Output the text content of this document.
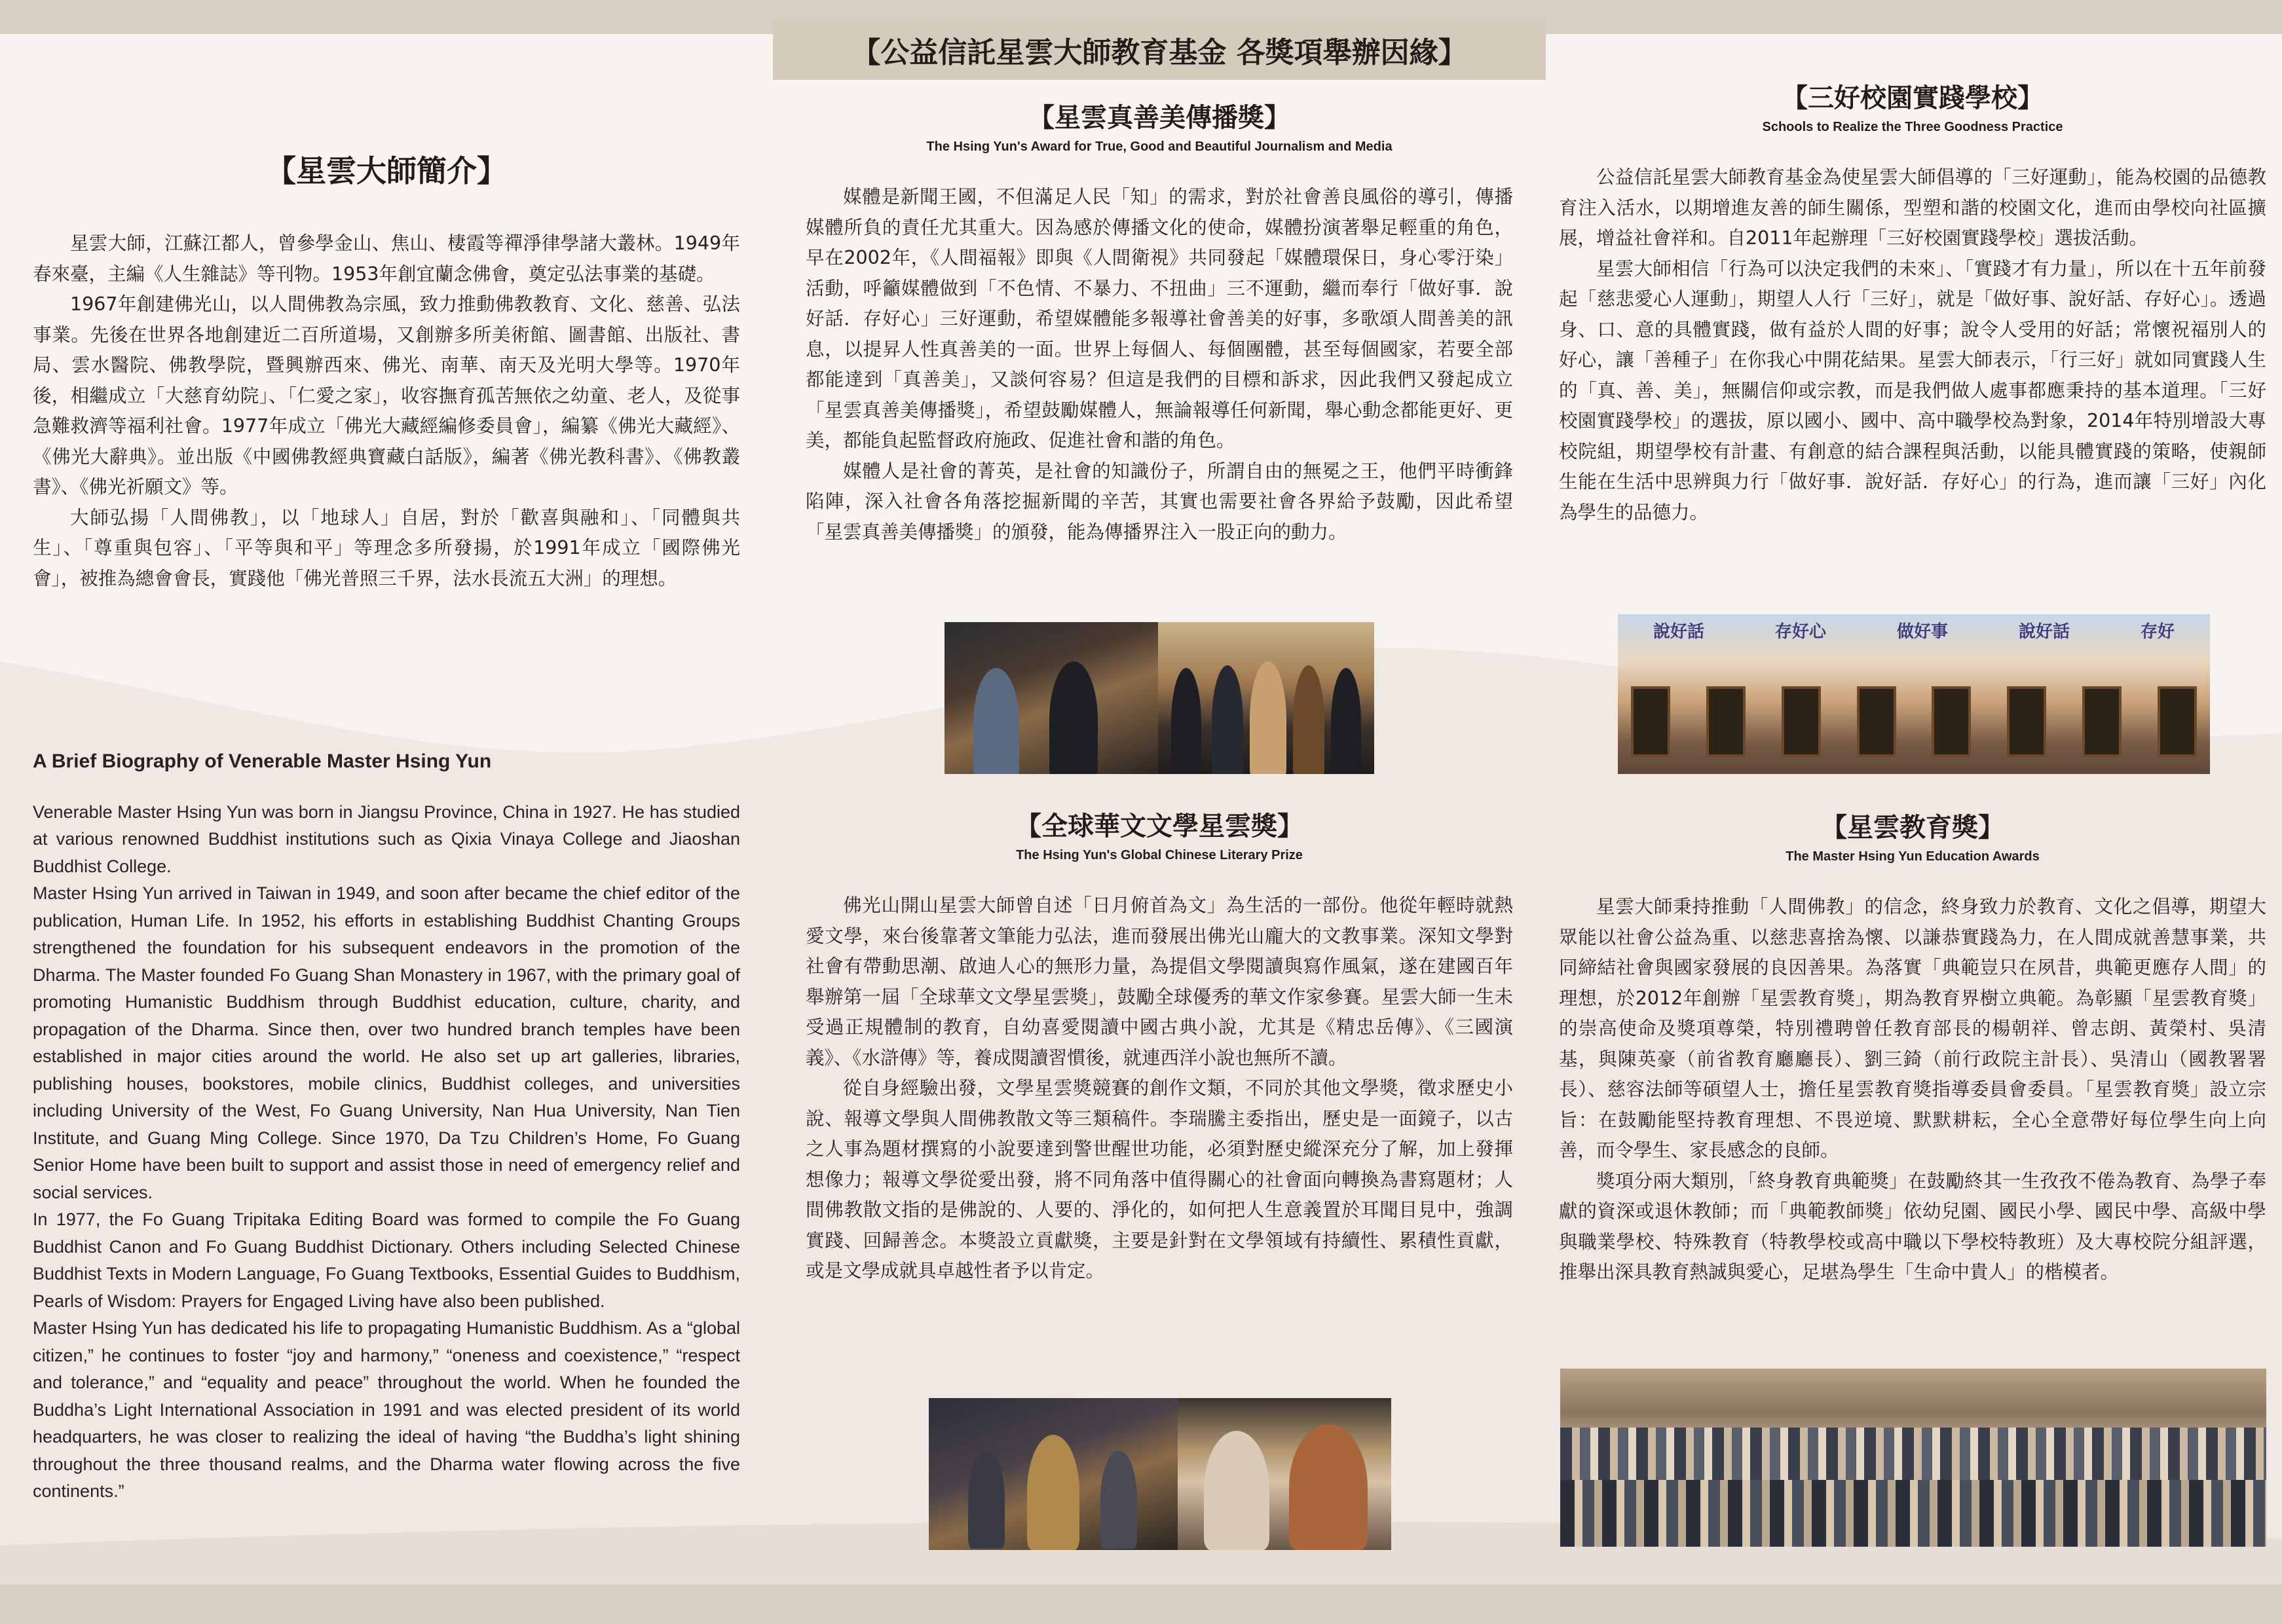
【公益信託星雲大師教育基金 各獎項舉辦因緣】
【星雲大師簡介】

星雲大師，江蘇江都人，曾參學金山、焦山、棲霞等禪淨律學諸大叢林。1949年春來臺，主編《人生雜誌》等刊物。1953年創宜蘭念佛會，奠定弘法事業的基礎。

1967年創建佛光山，以人間佛教為宗風，致力推動佛教教育、文化、慈善、弘法事業。先後在世界各地創建近二百所道場，又創辦多所美術館、圖書館、出版社、書局、雲水醫院、佛教學院，暨興辦西來、佛光、南華、南天及光明大學等。1970年後，相繼成立「大慈育幼院」、「仁愛之家」，收容撫育孤苦無依之幼童、老人，及從事急難救濟等福利社會。1977年成立「佛光大藏經編修委員會」，編纂《佛光大藏經》、《佛光大辭典》。並出版《中國佛教經典寶藏白話版》，編著《佛光教科書》、《佛教叢書》、《佛光祈願文》等。

大師弘揚「人間佛教」，以「地球人」自居，對於「歡喜與融和」、「同體與共生」、「尊重與包容」、「平等與和平」等理念多所發揚，於1991年成立「國際佛光會」，被推為總會會長，實踐他「佛光普照三千界，法水長流五大洲」的理想。

A Brief Biography of Venerable Master Hsing Yun

Venerable Master Hsing Yun was born in Jiangsu Province, China in 1927. He has studied at various renowned Buddhist institutions such as Qixia Vinaya College and Jiaoshan Buddhist College.

Master Hsing Yun arrived in Taiwan in 1949, and soon after became the chief editor of the publication, Human Life. In 1952, his efforts in establishing Buddhist Chanting Groups strengthened the foundation for his subsequent endeavors in the promotion of the Dharma. The Master founded Fo Guang Shan Monastery in 1967, with the primary goal of promoting Humanistic Buddhism through Buddhist education, culture, charity, and propagation of the Dharma. Since then, over two hundred branch temples have been established in major cities around the world. He also set up art galleries, libraries, publishing houses, bookstores, mobile clinics, Buddhist colleges, and universities including University of the West, Fo Guang University, Nan Hua University, Nan Tien Institute, and Guang Ming College. Since 1970, Da Tzu Children’s Home, Fo Guang Senior Home have been built to support and assist those in need of emergency relief and social services.

In 1977, the Fo Guang Tripitaka Editing Board was formed to compile the Fo Guang Buddhist Canon and Fo Guang Buddhist Dictionary. Others including Selected Chinese Buddhist Texts in Modern Language, Fo Guang Textbooks, Essential Guides to Buddhism, Pearls of Wisdom: Prayers for Engaged Living have also been published.

Master Hsing Yun has dedicated his life to propagating Humanistic Buddhism. As a “global citizen,” he continues to foster “joy and harmony,” “oneness and coexistence,” “respect and tolerance,” and “equality and peace” throughout the world. When he founded the Buddha’s Light International Association in 1991 and was elected president of its world headquarters, he was closer to realizing the ideal of having “the Buddha’s light shining throughout the three thousand realms, and the Dharma water flowing across the five continents.”

【星雲真善美傳播獎】
The Hsing Yun's Award for True, Good and Beautiful Journalism and Media

媒體是新聞王國，不但滿足人民「知」的需求，對於社會善良風俗的導引，傳播媒體所負的責任尤其重大。因為感於傳播文化的使命，媒體扮演著舉足輕重的角色，早在2002年，《人間福報》即與《人間衛視》共同發起「媒體環保日，身心零汙染」活動，呼籲媒體做到「不色情、不暴力、不扭曲」三不運動，繼而奉行「做好事．說好話．存好心」三好運動，希望媒體能多報導社會善美的好事，多歌頌人間善美的訊息，以提昇人性真善美的一面。世界上每個人、每個團體，甚至每個國家，若要全部都能達到「真善美」，又談何容易？但這是我們的目標和訴求，因此我們又發起成立「星雲真善美傳播獎」，希望鼓勵媒體人，無論報導任何新聞，舉心動念都能更好、更美，都能負起監督政府施政、促進社會和諧的角色。

媒體人是社會的菁英，是社會的知識份子，所謂自由的無冕之王，他們平時衝鋒陷陣，深入社會各角落挖掘新聞的辛苦，其實也需要社會各界給予鼓勵，因此希望「星雲真善美傳播獎」的頒發，能為傳播界注入一股正向的動力。

【全球華文文學星雲獎】
The Hsing Yun's Global Chinese Literary Prize

佛光山開山星雲大師曾自述「日月俯首為文」為生活的一部份。他從年輕時就熱愛文學，來台後靠著文筆能力弘法，進而發展出佛光山龐大的文教事業。深知文學對社會有帶動思潮、啟迪人心的無形力量，為提倡文學閱讀與寫作風氣，遂在建國百年舉辦第一屆「全球華文文學星雲獎」，鼓勵全球優秀的華文作家參賽。星雲大師一生未受過正規體制的教育，自幼喜愛閱讀中國古典小說，尤其是《精忠岳傳》、《三國演義》、《水滸傳》等，養成閱讀習慣後，就連西洋小說也無所不讀。

從自身經驗出發，文學星雲獎競賽的創作文類，不同於其他文學獎，徵求歷史小說、報導文學與人間佛教散文等三類稿件。李瑞騰主委指出，歷史是一面鏡子，以古之人事為題材撰寫的小說要達到警世醒世功能，必須對歷史縱深充分了解，加上發揮想像力；報導文學從愛出發，將不同角落中值得關心的社會面向轉換為書寫題材；人間佛教散文指的是佛說的、人要的、淨化的，如何把人生意義置於耳聞目見中，強調實踐、回歸善念。本獎設立貢獻獎，主要是針對在文學領域有持續性、累積性貢獻，或是文學成就具卓越性者予以肯定。

【三好校園實踐學校】
Schools to Realize the Three Goodness Practice

公益信託星雲大師教育基金為使星雲大師倡導的「三好運動」，能為校園的品德教育注入活水，以期增進友善的師生關係，型塑和諧的校園文化，進而由學校向社區擴展，增益社會祥和。自2011年起辦理「三好校園實踐學校」選拔活動。

星雲大師相信「行為可以決定我們的未來」、「實踐才有力量」，所以在十五年前發起「慈悲愛心人運動」，期望人人行「三好」，就是「做好事、說好話、存好心」。透過身、口、意的具體實踐，做有益於人間的好事；說令人受用的好話；常懷祝福別人的好心，讓「善種子」在你我心中開花結果。星雲大師表示，「行三好」就如同實踐人生的「真、善、美」，無關信仰或宗教，而是我們做人處事都應秉持的基本道理。「三好校園實踐學校」的選拔，原以國小、國中、高中職學校為對象，2014年特別增設大專校院組，期望學校有計畫、有創意的結合課程與活動，以能具體實踐的策略，使親師生能在生活中思辨與力行「做好事．說好話．存好心」的行為，進而讓「三好」內化為學生的品德力。

說好話	存好心	做好事	說好話	存好
【星雲教育獎】
The Master Hsing Yun Education Awards

星雲大師秉持推動「人間佛教」的信念，終身致力於教育、文化之倡導，期望大眾能以社會公益為重、以慈悲喜捨為懷、以謙恭實踐為力，在人間成就善慧事業，共同締結社會與國家發展的良因善果。為落實「典範豈只在夙昔，典範更應存人間」的理想，於2012年創辦「星雲教育獎」，期為教育界樹立典範。為彰顯「星雲教育獎」的崇高使命及獎項尊榮，特別禮聘曾任教育部長的楊朝祥、曾志朗、黃榮村、吳清基，與陳英豪（前省教育廳廳長）、劉三錡（前行政院主計長）、吳清山（國教署署長）、慈容法師等碩望人士，擔任星雲教育獎指導委員會委員。「星雲教育獎」設立宗旨：在鼓勵能堅持教育理想、不畏逆境、默默耕耘，全心全意帶好每位學生向上向善，而令學生、家長感念的良師。

獎項分兩大類別，「終身教育典範獎」在鼓勵終其一生孜孜不倦為教育、為學子奉獻的資深或退休教師；而「典範教師獎」依幼兒園、國民小學、國民中學、高級中學與職業學校、特殊教育（特教學校或高中職以下學校特教班）及大專校院分組評選，推舉出深具教育熱誠與愛心，足堪為學生「生命中貴人」的楷模者。
